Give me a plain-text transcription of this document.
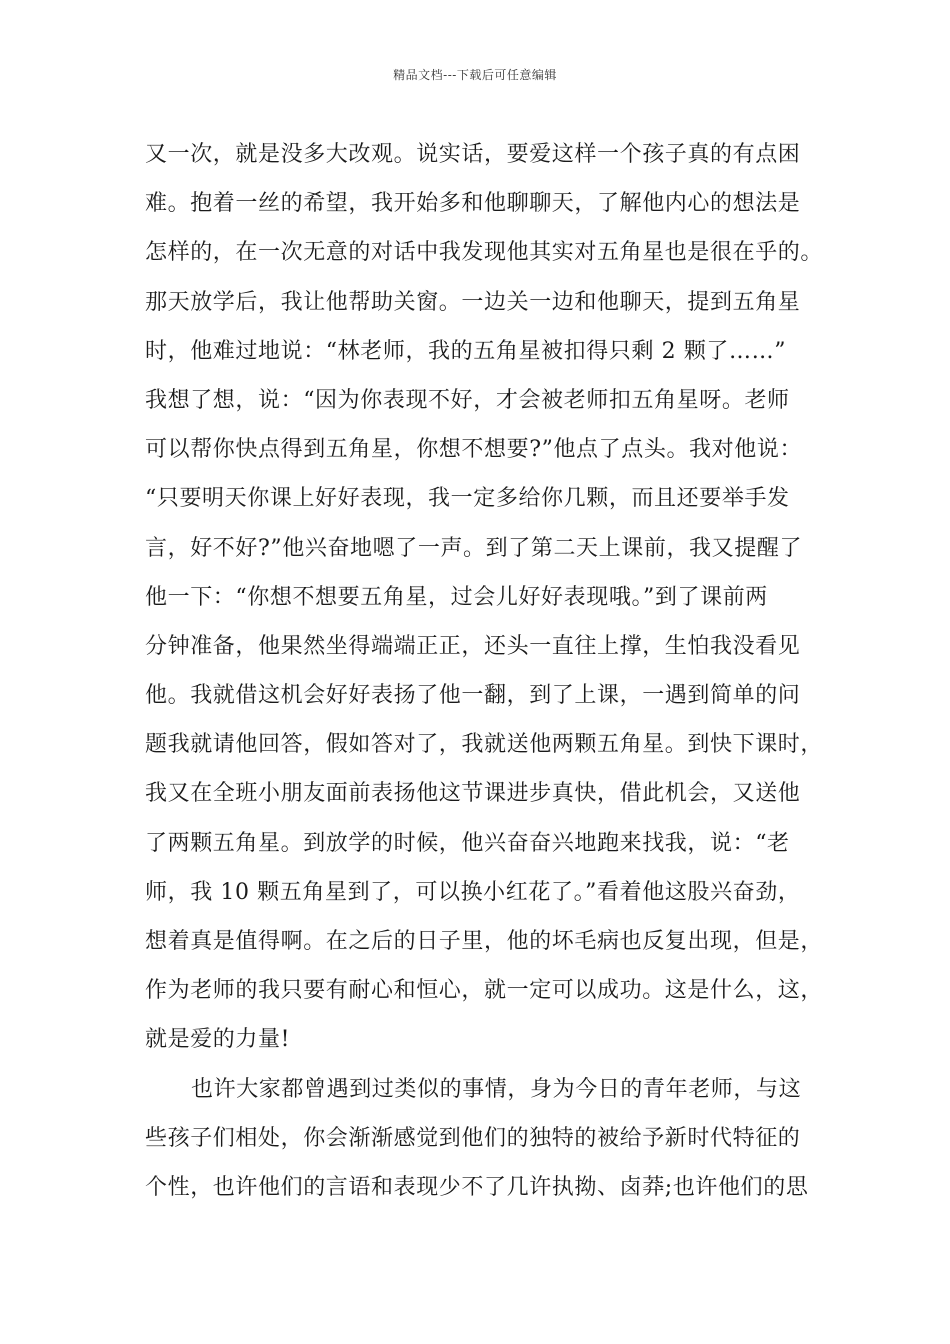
精品文档---下载后可任意编辑
又一次，就是没多大改观。说实话，要爱这样一个孩子真的有点困
难。抱着一丝的希望，我开始多和他聊聊天，了解他内心的想法是
怎样的，在一次无意的对话中我发现他其实对五角星也是很在乎的。
那天放学后，我让他帮助关窗。一边关一边和他聊天，提到五角星
时，他难过地说：“林老师，我的五角星被扣得只剩 2 颗了……”
我想了想，说：“因为你表现不好，才会被老师扣五角星呀。老师
可以帮你快点得到五角星，你想不想要?”他点了点头。我对他说：
“只要明天你课上好好表现，我一定多给你几颗，而且还要举手发
言，好不好?”他兴奋地嗯了一声。到了第二天上课前，我又提醒了
他一下：“你想不想要五角星，过会儿好好表现哦。”到了课前两
分钟准备，他果然坐得端端正正，还头一直往上撑，生怕我没看见
他。我就借这机会好好表扬了他一翻，到了上课，一遇到简单的问
题我就请他回答，假如答对了，我就送他两颗五角星。到快下课时，
我又在全班小朋友面前表扬他这节课进步真快，借此机会，又送他
了两颗五角星。到放学的时候，他兴奋奋兴地跑来找我，说：“老
师，我 10 颗五角星到了，可以换小红花了。”看着他这股兴奋劲，
想着真是值得啊。在之后的日子里，他的坏毛病也反复出现，但是，
作为老师的我只要有耐心和恒心，就一定可以成功。这是什么，这，
就是爱的力量!
也许大家都曾遇到过类似的事情，身为今日的青年老师，与这
些孩子们相处，你会渐渐感觉到他们的独特的被给予新时代特征的
个性，也许他们的言语和表现少不了几许执拗、卤莽;也许他们的思
